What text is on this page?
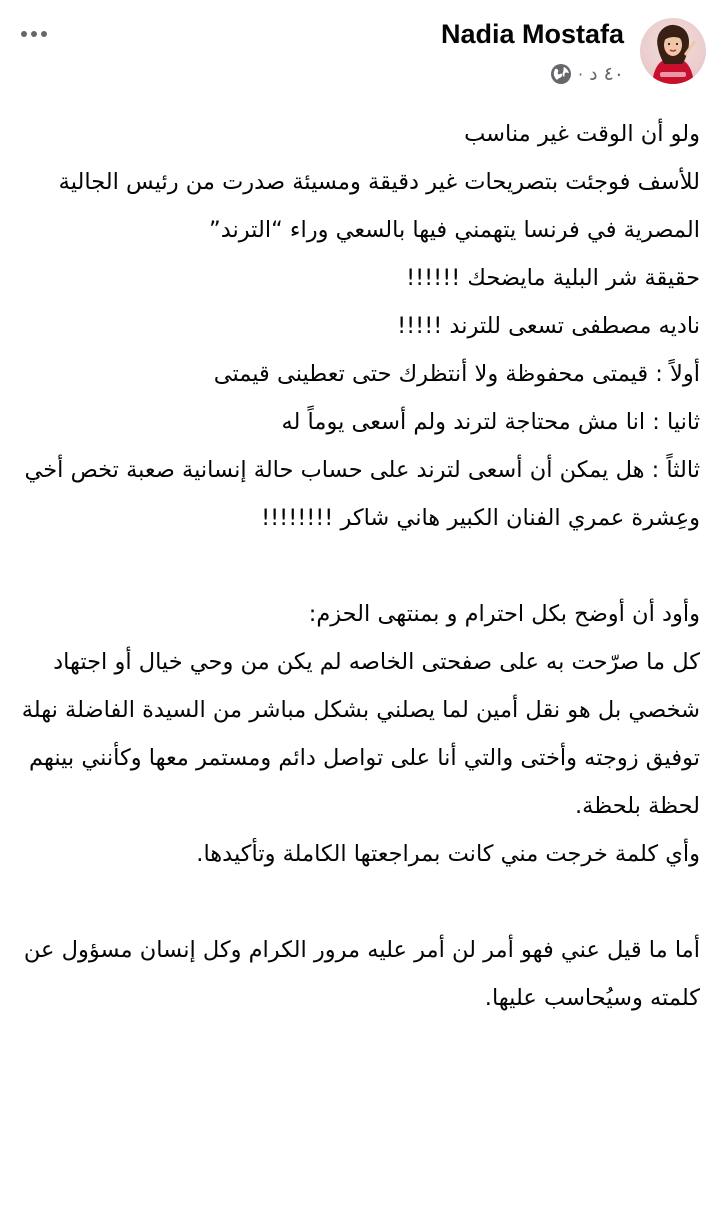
Nadia Mostafa
٤٠ د
·

ولو أن الوقت غير مناسب

للأسف فوجئت بتصريحات غير دقيقة ومسيئة صدرت من رئيس الجالية المصرية في فرنسا يتهمني فيها بالسعي وراء “الترند”

حقيقة شر البلية مايضحك !!!!!!

ناديه مصطفى تسعى للترند !!!!!

أولاً : قيمتى محفوظة ولا أنتظرك حتى تعطينى قيمتى

ثانيا : انا مش محتاجة لترند ولم أسعى يوماً له

ثالثاً : هل يمكن أن أسعى لترند على حساب حالة إنسانية صعبة تخص أخي وعِشرة عمري الفنان الكبير هاني شاكر !!!!!!!!

وأود أن أوضح بكل احترام و بمنتهى الحزم:

كل ما صرّحت به على صفحتى الخاصه لم يكن من وحي خيال أو اجتهاد شخصي بل هو نقل أمين لما يصلني بشكل مباشر من السيدة الفاضلة نهلة توفيق زوجته وأختى والتي أنا على تواصل دائم ومستمر معها وكأنني بينهم لحظة بلحظة.

وأي كلمة خرجت مني كانت بمراجعتها الكاملة وتأكيدها.

أما ما قيل عني فهو أمر لن أمر عليه مرور الكرام وكل إنسان مسؤول عن كلمته وسيُحاسب عليها.
